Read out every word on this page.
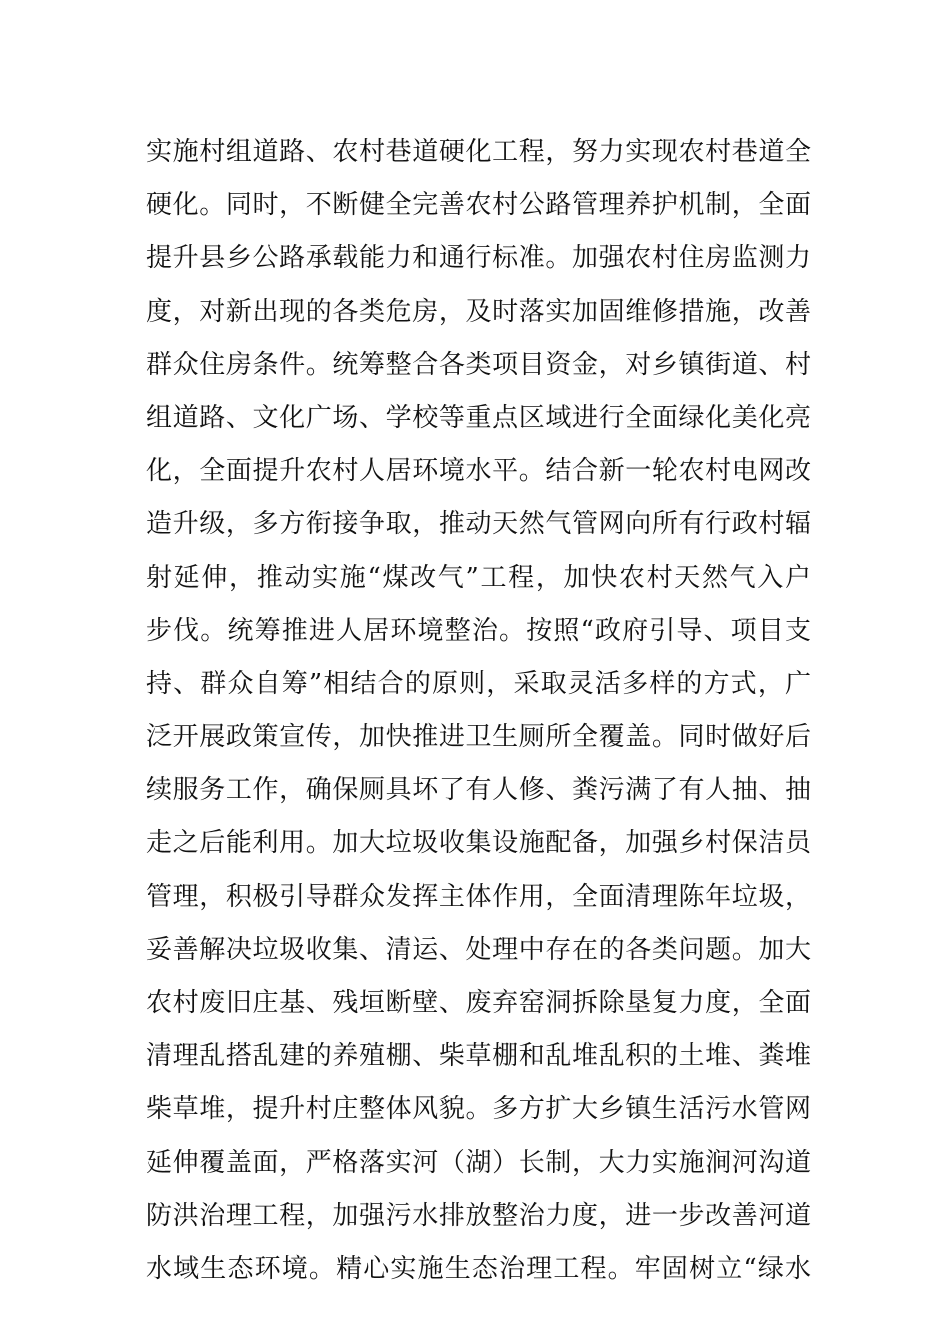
实施村组道路、农村巷道硬化工程，努力实现农村巷道全
硬化。同时，不断健全完善农村公路管理养护机制，全面
提升县乡公路承载能力和通行标准。加强农村住房监测力
度，对新出现的各类危房，及时落实加固维修措施，改善
群众住房条件。统筹整合各类项目资金，对乡镇街道、村
组道路、文化广场、学校等重点区域进行全面绿化美化亮
化，全面提升农村人居环境水平。结合新一轮农村电网改
造升级，多方衔接争取，推动天然气管网向所有行政村辐
射延伸，推动实施“煤改气”工程，加快农村天然气入户
步伐。统筹推进人居环境整治。按照“政府引导、项目支
持、群众自筹”相结合的原则，采取灵活多样的方式，广
泛开展政策宣传，加快推进卫生厕所全覆盖。同时做好后
续服务工作，确保厕具坏了有人修、粪污满了有人抽、抽
走之后能利用。加大垃圾收集设施配备，加强乡村保洁员
管理，积极引导群众发挥主体作用，全面清理陈年垃圾，
妥善解决垃圾收集、清运、处理中存在的各类问题。加大
农村废旧庄基、残垣断壁、废弃窑洞拆除垦复力度，全面
清理乱搭乱建的养殖棚、柴草棚和乱堆乱积的土堆、粪堆
柴草堆，提升村庄整体风貌。多方扩大乡镇生活污水管网
延伸覆盖面，严格落实河（湖）长制，大力实施涧河沟道
防洪治理工程，加强污水排放整治力度，进一步改善河道
水域生态环境。精心实施生态治理工程。牢固树立“绿水
